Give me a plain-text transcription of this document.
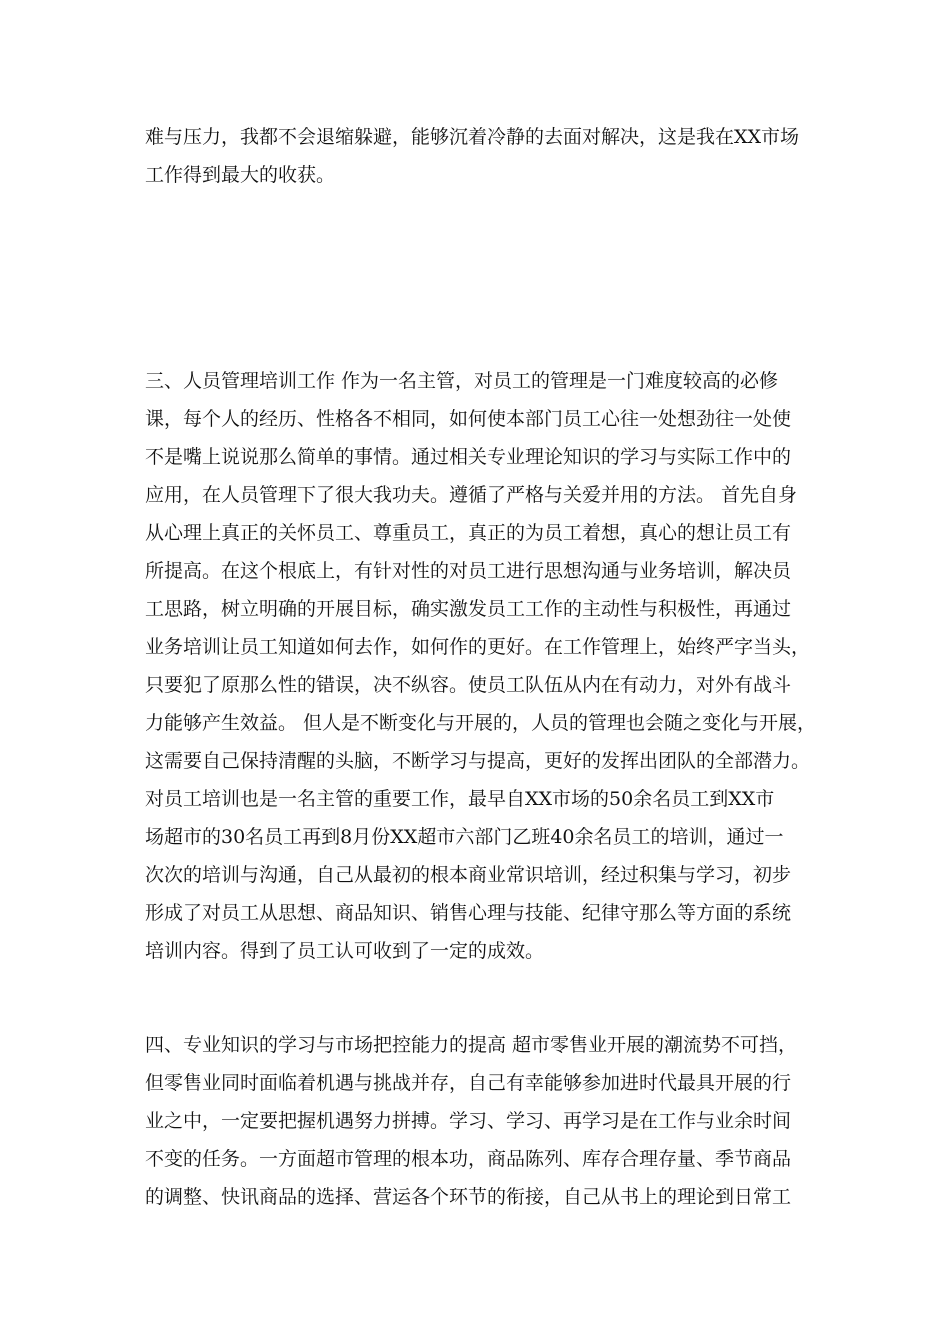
难与压力，我都不会退缩躲避，能够沉着冷静的去面对解决，这是我在XX市场
工作得到最大的收获。
三、人员管理培训工作 作为一名主管，对员工的管理是一门难度较高的必修
课，每个人的经历、性格各不相同，如何使本部门员工心往一处想劲往一处使
不是嘴上说说那么简单的事情。通过相关专业理论知识的学习与实际工作中的
应用，在人员管理下了很大我功夫。遵循了严格与关爱并用的方法。 首先自身
从心理上真正的关怀员工、尊重员工，真正的为员工着想，真心的想让员工有
所提高。在这个根底上，有针对性的对员工进行思想沟通与业务培训，解决员
工思路，树立明确的开展目标，确实激发员工工作的主动性与积极性，再通过
业务培训让员工知道如何去作，如何作的更好。在工作管理上，始终严字当头，
只要犯了原那么性的错误，决不纵容。使员工队伍从内在有动力，对外有战斗
力能够产生效益。 但人是不断变化与开展的，人员的管理也会随之变化与开展，
这需要自己保持清醒的头脑，不断学习与提高，更好的发挥出团队的全部潜力。
对员工培训也是一名主管的重要工作，最早自XX市场的50余名员工到XX市
场超市的30名员工再到8月份XX超市六部门乙班40余名员工的培训，通过一
次次的培训与沟通，自己从最初的根本商业常识培训，经过积集与学习，初步
形成了对员工从思想、商品知识、销售心理与技能、纪律守那么等方面的系统
培训内容。得到了员工认可收到了一定的成效。
四、专业知识的学习与市场把控能力的提高 超市零售业开展的潮流势不可挡，
但零售业同时面临着机遇与挑战并存，自己有幸能够参加进时代最具开展的行
业之中，一定要把握机遇努力拼搏。学习、学习、再学习是在工作与业余时间
不变的任务。一方面超市管理的根本功，商品陈列、库存合理存量、季节商品
的调整、快讯商品的选择、营运各个环节的衔接，自己从书上的理论到日常工
